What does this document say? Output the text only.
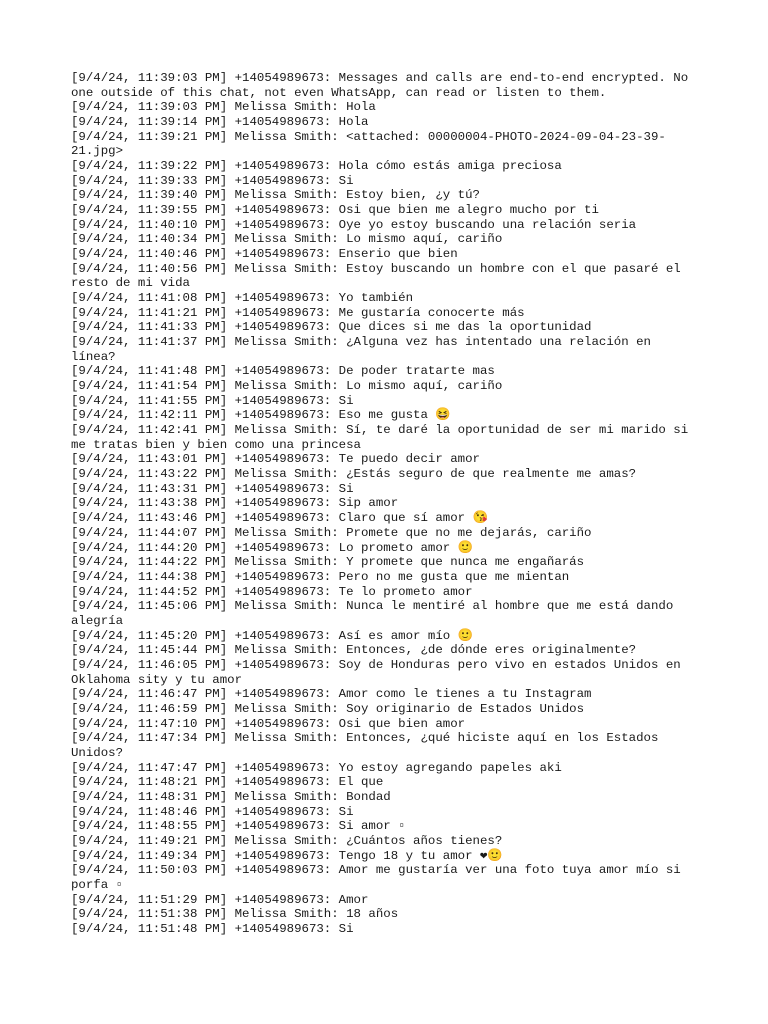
[9/4/24, 11:39:03 PM] +14054989673: Messages and calls are end-to-end encrypted. No one outside of this chat, not even WhatsApp, can read or listen to them.
[9/4/24, 11:39:03 PM] Melissa Smith: Hola
[9/4/24, 11:39:14 PM] +14054989673: Hola
[9/4/24, 11:39:21 PM] Melissa Smith: <attached: 00000004-PHOTO-2024-09-04-23-39-21.jpg>
[9/4/24, 11:39:22 PM] +14054989673: Hola cómo estás amiga preciosa
[9/4/24, 11:39:33 PM] +14054989673: Si
[9/4/24, 11:39:40 PM] Melissa Smith: Estoy bien, ¿y tú?
[9/4/24, 11:39:55 PM] +14054989673: Osi que bien me alegro mucho por ti
[9/4/24, 11:40:10 PM] +14054989673: Oye yo estoy buscando una relación seria
[9/4/24, 11:40:34 PM] Melissa Smith: Lo mismo aquí, cariño
[9/4/24, 11:40:46 PM] +14054989673: Enserio que bien
[9/4/24, 11:40:56 PM] Melissa Smith: Estoy buscando un hombre con el que pasaré el resto de mi vida
[9/4/24, 11:41:08 PM] +14054989673: Yo también
[9/4/24, 11:41:21 PM] +14054989673: Me gustaría conocerte más
[9/4/24, 11:41:33 PM] +14054989673: Que dices si me das la oportunidad
[9/4/24, 11:41:37 PM] Melissa Smith: ¿Alguna vez has intentado una relación en línea?
[9/4/24, 11:41:48 PM] +14054989673: De poder tratarte mas
[9/4/24, 11:41:54 PM] Melissa Smith: Lo mismo aquí, cariño
[9/4/24, 11:41:55 PM] +14054989673: Si
[9/4/24, 11:42:11 PM] +14054989673: Eso me gusta 😆
[9/4/24, 11:42:41 PM] Melissa Smith: Sí, te daré la oportunidad de ser mi marido si me tratas bien y bien como una princesa
[9/4/24, 11:43:01 PM] +14054989673: Te puedo decir amor
[9/4/24, 11:43:22 PM] Melissa Smith: ¿Estás seguro de que realmente me amas?
[9/4/24, 11:43:31 PM] +14054989673: Si
[9/4/24, 11:43:38 PM] +14054989673: Sip amor
[9/4/24, 11:43:46 PM] +14054989673: Claro que sí amor 😘
[9/4/24, 11:44:07 PM] Melissa Smith: Promete que no me dejarás, cariño
[9/4/24, 11:44:20 PM] +14054989673: Lo prometo amor 🙂
[9/4/24, 11:44:22 PM] Melissa Smith: Y promete que nunca me engañarás
[9/4/24, 11:44:38 PM] +14054989673: Pero no me gusta que me mientan
[9/4/24, 11:44:52 PM] +14054989673: Te lo prometo amor
[9/4/24, 11:45:06 PM] Melissa Smith: Nunca le mentiré al hombre que me está dando alegría
[9/4/24, 11:45:20 PM] +14054989673: Así es amor mío 🙂
[9/4/24, 11:45:44 PM] Melissa Smith: Entonces, ¿de dónde eres originalmente?
[9/4/24, 11:46:05 PM] +14054989673: Soy de Honduras pero vivo en estados Unidos en Oklahoma sity y tu amor
[9/4/24, 11:46:47 PM] +14054989673: Amor como le tienes a tu Instagram
[9/4/24, 11:46:59 PM] Melissa Smith: Soy originario de Estados Unidos
[9/4/24, 11:47:10 PM] +14054989673: Osi que bien amor
[9/4/24, 11:47:34 PM] Melissa Smith: Entonces, ¿qué hiciste aquí en los Estados Unidos?
[9/4/24, 11:47:47 PM] +14054989673: Yo estoy agregando papeles aki
[9/4/24, 11:48:21 PM] +14054989673: El que
[9/4/24, 11:48:31 PM] Melissa Smith: Bondad
[9/4/24, 11:48:46 PM] +14054989673: Si
[9/4/24, 11:48:55 PM] +14054989673: Si amor ▫
[9/4/24, 11:49:21 PM] Melissa Smith: ¿Cuántos años tienes?
[9/4/24, 11:49:34 PM] +14054989673: Tengo 18 y tu amor ❤🙂
[9/4/24, 11:50:03 PM] +14054989673: Amor me gustaría ver una foto tuya amor mío si porfa ▫
[9/4/24, 11:51:29 PM] +14054989673: Amor
[9/4/24, 11:51:38 PM] Melissa Smith: 18 años
[9/4/24, 11:51:48 PM] +14054989673: Si
